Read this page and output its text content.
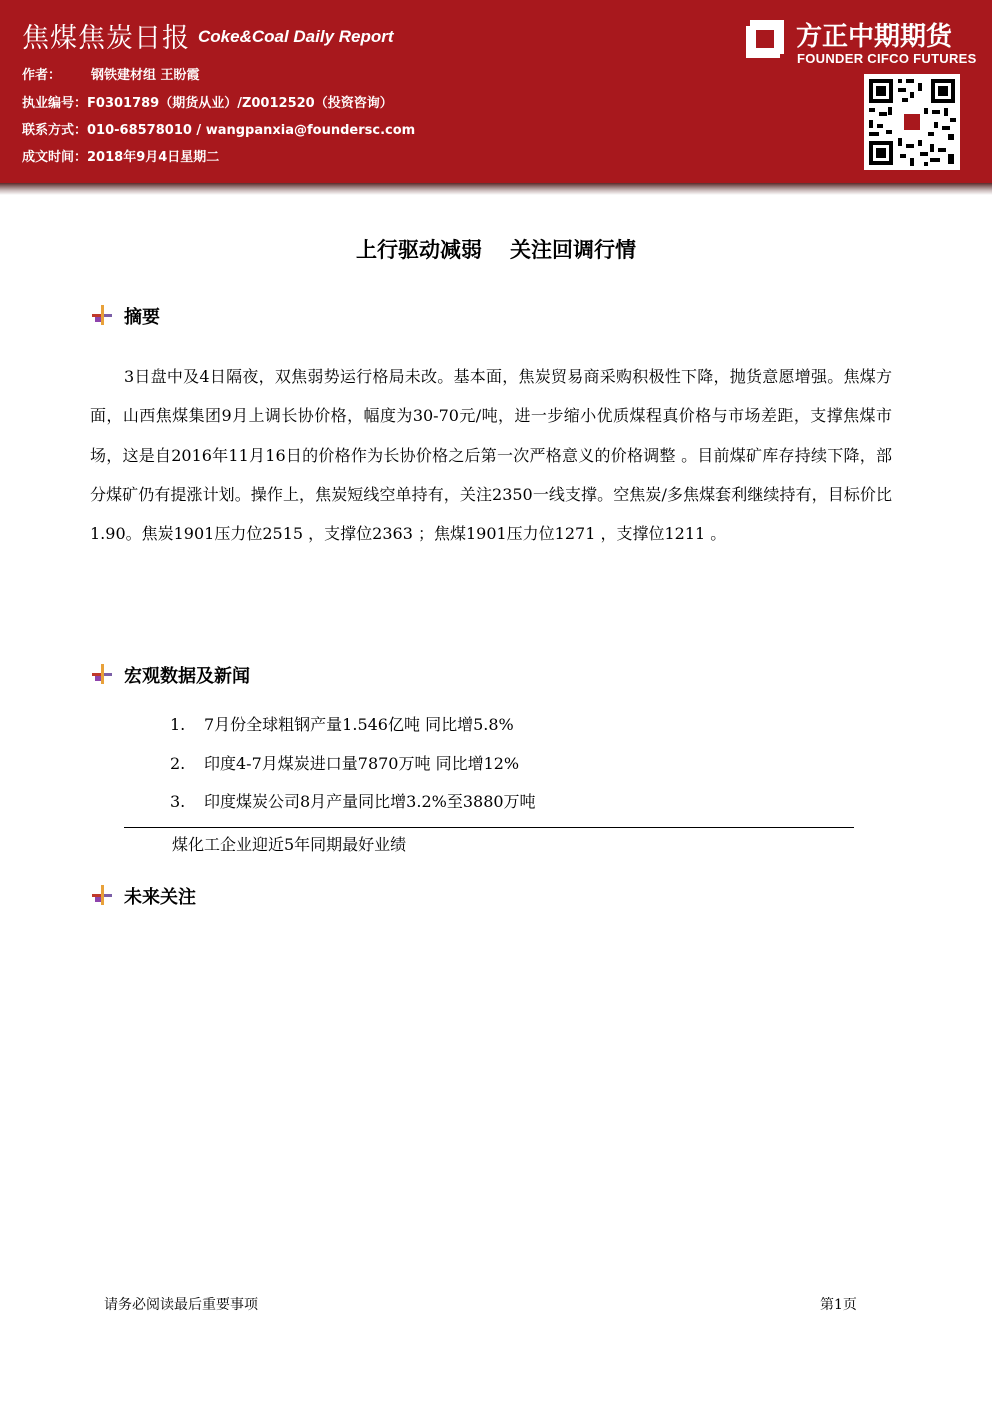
焦煤焦炭日报 Coke&Coal Daily Report
作者： 钢铁建材组 王盼霞
执业编号：F0301789（期货从业）/Z0012520（投资咨询）
联系方式：010-68578010 / wangpanxia@foundersc.com
成文时间：2018年9月4日星期二
方正中期期货
FOUNDER CIFCO FUTURES
上行驱动减弱 关注回调行情
摘要
3日盘中及4日隔夜，双焦弱势运行格局未改。基本面，焦炭贸易商采购积极性下降，抛货意愿增强。焦煤方面，山西焦煤集团9月上调长协价格，幅度为30-70元/吨，进一步缩小优质煤程真价格与市场差距，支撑焦煤市场，这是自2016年11月16日的价格作为长协价格之后第一次严格意义的价格调整 。目前煤矿库存持续下降，部分煤矿仍有提涨计划。操作上，焦炭短线空单持有，关注2350一线支撑。空焦炭/多焦煤套利继续持有，目标价比1.90。焦炭1901压力位2515 ，支撑位2363 ；焦煤1901压力位1271 ，支撑位1211 。
宏观数据及新闻
1. 7月份全球粗钢产量1.546亿吨 同比增5.8%
2. 印度4-7月煤炭进口量7870万吨 同比增12%
3. 印度煤炭公司8月产量同比增3.2%至3880万吨
煤化工企业迎近5年同期最好业绩
未来关注
请务必阅读最后重要事项	第1页
